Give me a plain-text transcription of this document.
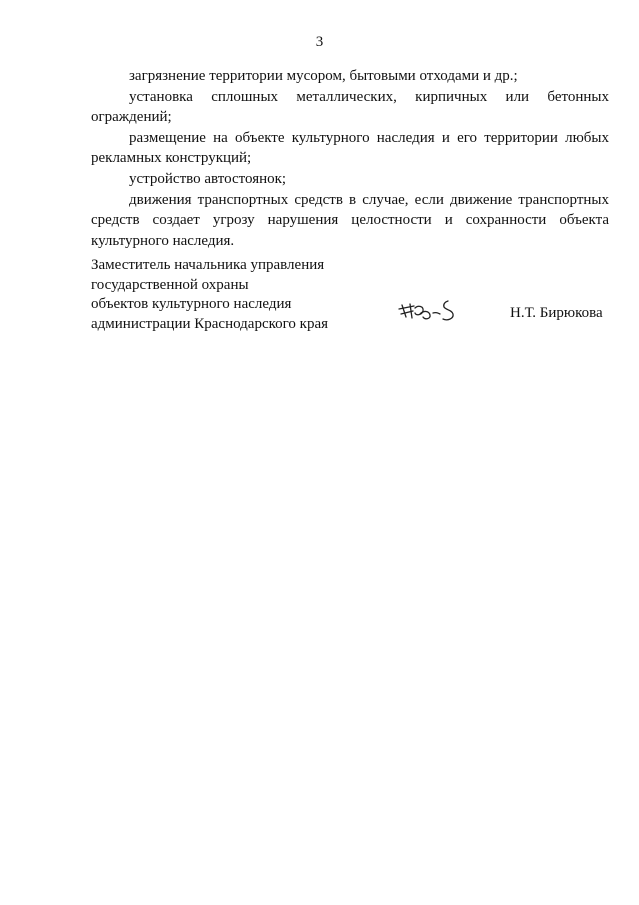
3

загрязнение территории мусором, бытовыми отходами и др.;

установка сплошных металлических, кирпичных или бетонных ограждений;

размещение на объекте культурного наследия и его территории любых рекламных конструкций;

устройство автостоянок;

движения транспортных средств в случае, если движение транспортных средств создает угрозу нарушения целостности и сохранности объекта культурного наследия.

Заместитель начальника управления
государственной охраны
объектов культурного наследия
администрации Краснодарского края
Н.Т. Бирюкова
